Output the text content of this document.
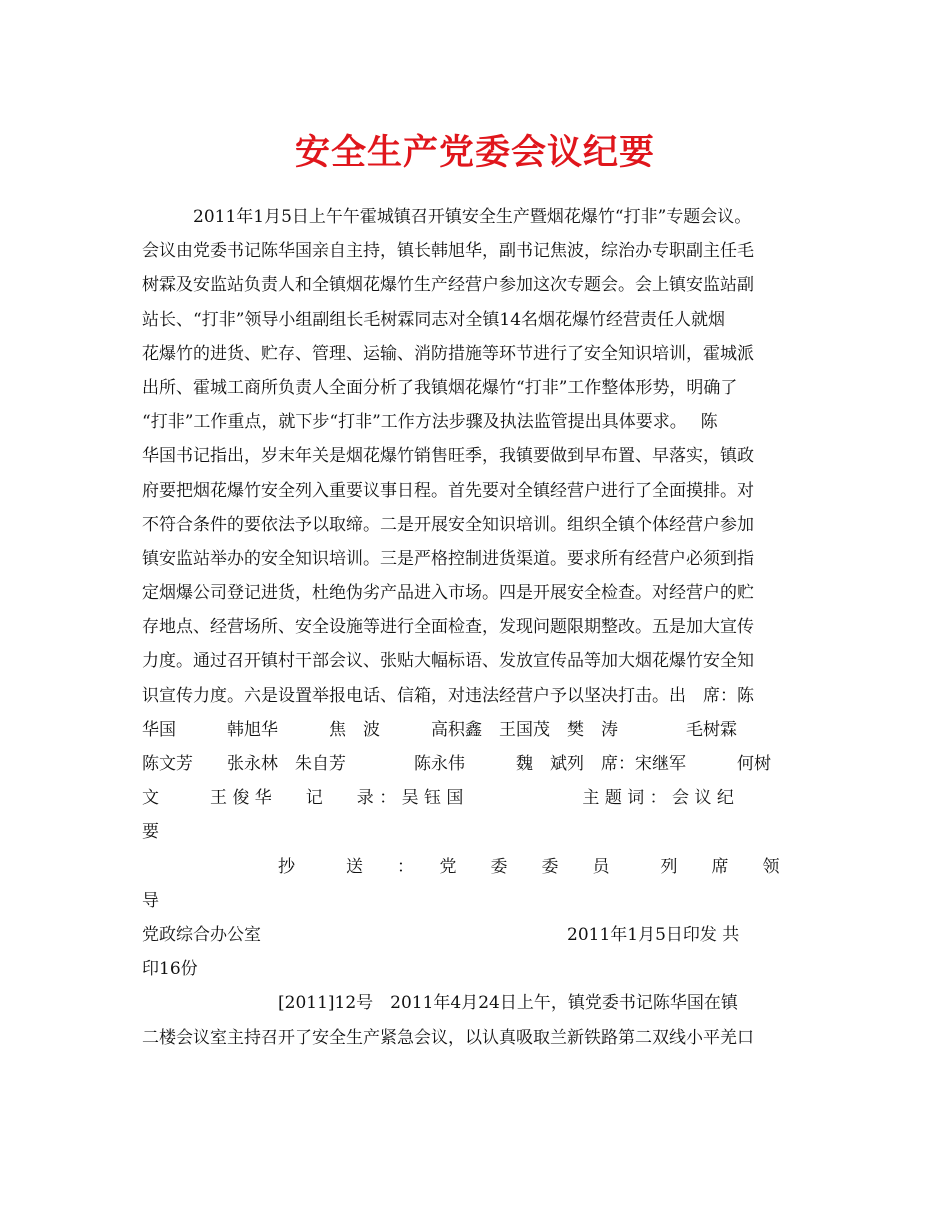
安全生产党委会议纪要
　　　2011年1月5日上午午霍城镇召开镇安全生产暨烟花爆竹“打非”专题会议。
会议由党委书记陈华国亲自主持，镇长韩旭华，副书记焦波，综治办专职副主任毛
树霖及安监站负责人和全镇烟花爆竹生产经营户参加这次专题会。会上镇安监站副
站长、“打非”领导小组副组长毛树霖同志对全镇14名烟花爆竹经营责任人就烟
花爆竹的进货、贮存、管理、运输、消防措施等环节进行了安全知识培训，霍城派
出所、霍城工商所负责人全面分析了我镇烟花爆竹“打非”工作整体形势，明确了
“打非”工作重点，就下步“打非”工作方法步骤及执法监管提出具体要求。　 陈
华国书记指出，岁末年关是烟花爆竹销售旺季，我镇要做到早布置、早落实，镇政
府要把烟花爆竹安全列入重要议事日程。首先要对全镇经营户进行了全面摸排。对
不符合条件的要依法予以取缔。二是开展安全知识培训。组织全镇个体经营户参加
镇安监站举办的安全知识培训。三是严格控制进货渠道。要求所有经营户必须到指
定烟爆公司登记进货，杜绝伪劣产品进入市场。四是开展安全检查。对经营户的贮
存地点、经营场所、安全设施等进行全面检查，发现问题限期整改。五是加大宣传
力度。通过召开镇村干部会议、张贴大幅标语、发放宣传品等加大烟花爆竹安全知
识宣传力度。六是设置举报电话、信箱，对违法经营户予以坚决打击。出　席：陈
华国　　　韩旭华　　　焦　波　　　高积鑫　王国茂　樊　涛　　　　毛树霖
陈文芳　　张永林　朱自芳　　　　陈永伟　　　魏　斌列　席：宋继军　　　何树
文　　　王 俊 华　　记　　录 ： 吴 钰 国　　　　　　　主 题 词 ： 会 议 纪
要
　　　　　　　　抄　　　送　　：　　党　　委　　委　　员　　　列　　席　　领
导
党政综合办公室　　　　　　　　　　　　　　　　　　2011年1月5日印发 共
印16份
　　　　　　　　[2011]12号　2011年4月24日上午，镇党委书记陈华国在镇
二楼会议室主持召开了安全生产紧急会议，以认真吸取兰新铁路第二双线小平羌口
